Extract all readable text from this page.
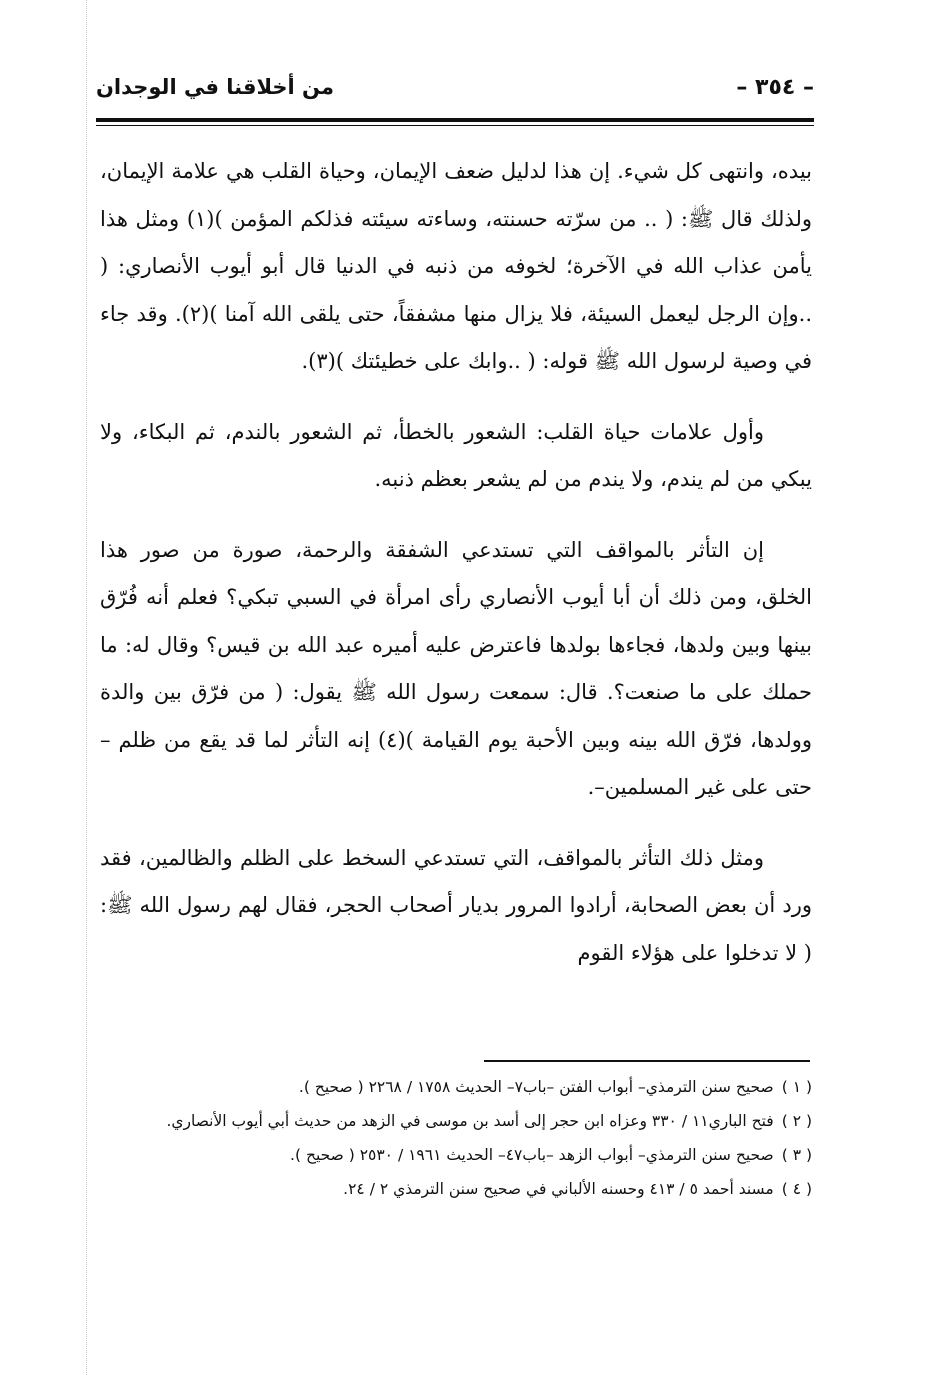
– ٣٥٤ –
من أخلاقنا في الوجدان

بيده، وانتهى كل شيء. إن هذا لدليل ضعف الإيمان، وحياة القلب هي علامة الإيمان، ولذلك قال ﷺ: ( .. من سرّته حسنته، وساءته سيئته فذلكم المؤمن )(١) ومثل هذا يأمن عذاب الله في الآخرة؛ لخوفه من ذنبه في الدنيا قال أبو أيوب الأنصاري: ( ..وإن الرجل ليعمل السيئة، فلا يزال منها مشفقاً، حتى يلقى الله آمنا )(٢). وقد جاء في وصية لرسول الله ﷺ قوله: ( ..وابك على خطيئتك )(٣).

وأول علامات حياة القلب: الشعور بالخطأ، ثم الشعور بالندم، ثم البكاء، ولا يبكي من لم يندم، ولا يندم من لم يشعر بعظم ذنبه.

إن التأثر بالمواقف التي تستدعي الشفقة والرحمة، صورة من صور هذا الخلق، ومن ذلك أن أبا أيوب الأنصاري رأى امرأة في السبي تبكي؟ فعلم أنه فُرّق بينها وبين ولدها، فجاءها بولدها فاعترض عليه أميره عبد الله بن قيس؟ وقال له: ما حملك على ما صنعت؟. قال: سمعت رسول الله ﷺ يقول: ( من فرّق بين والدة وولدها، فرّق الله بينه وبين الأحبة يوم القيامة )(٤) إنه التأثر لما قد يقع من ظلم –حتى على غير المسلمين–.

ومثل ذلك التأثر بالمواقف، التي تستدعي السخط على الظلم والظالمين، فقد ورد أن بعض الصحابة، أرادوا المرور بديار أصحاب الحجر، فقال لهم رسول الله ﷺ: ( لا تدخلوا على هؤلاء القوم

( ١ )
صحيح سنن الترمذي– أبواب الفتن –باب٧– الحديث ١٧٥٨ / ٢٢٦٨ ( صحيح ).
( ٢ )
فتح الباري١١ / ٣٣٠ وعزاه ابن حجر إلى أسد بن موسى في الزهد من حديث أبي أيوب الأنصاري.
( ٣ )
صحيح سنن الترمذي– أبواب الزهد –باب٤٧– الحديث ١٩٦١ / ٢٥٣٠ ( صحيح ).
( ٤ )
مسند أحمد ٥ / ٤١٣ وحسنه الألباني في صحيح سنن الترمذي ٢ / ٢٤.
